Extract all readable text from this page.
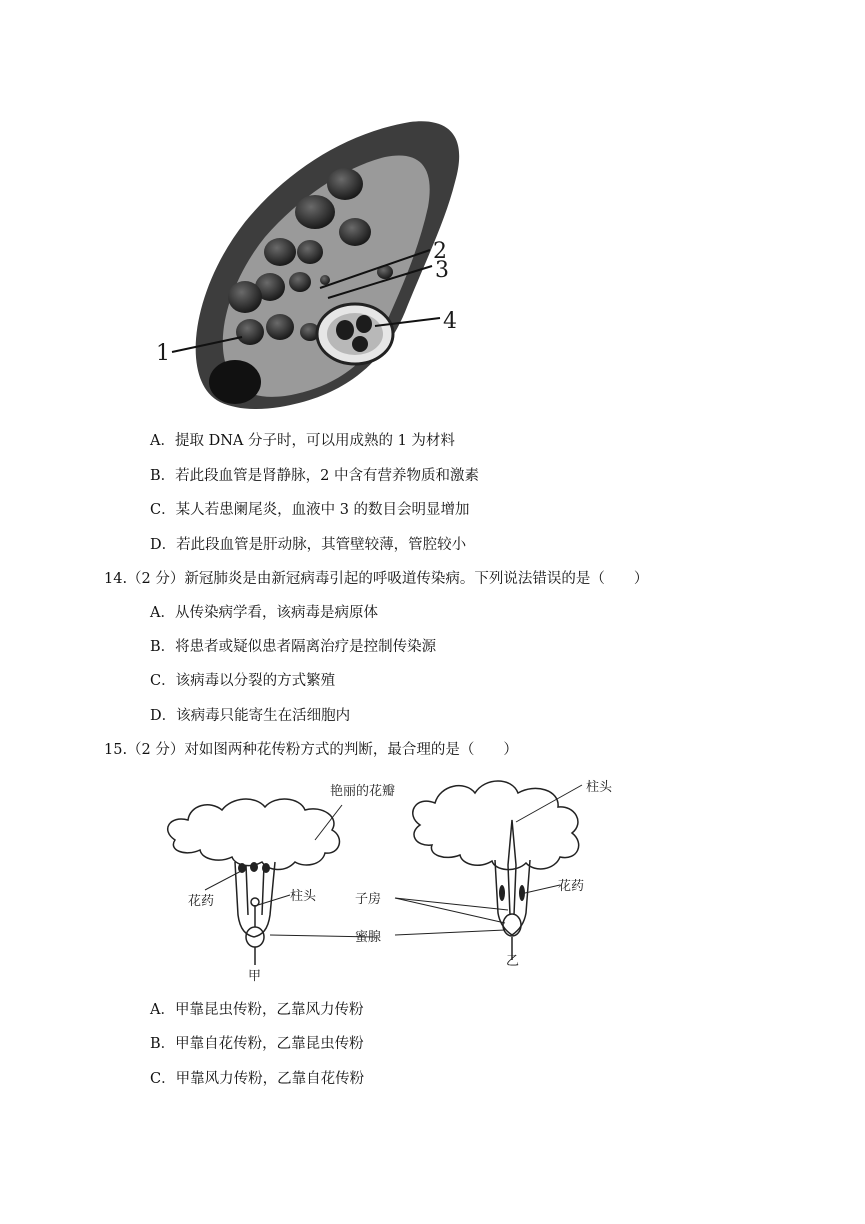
2
3
4
1
A．提取 DNA 分子时，可以用成熟的 1 为材料
B．若此段血管是肾静脉，2 中含有营养物质和激素
C．某人若患阑尾炎，血液中 3 的数目会明显增加
D．若此段血管是肝动脉，其管壁较薄，管腔较小
14.（2 分）新冠肺炎是由新冠病毒引起的呼吸道传染病。下列说法错误的是（　　）
A．从传染病学看，该病毒是病原体
B．将患者或疑似患者隔离治疗是控制传染源
C．该病毒以分裂的方式繁殖
D．该病毒只能寄生在活细胞内
15.（2 分）对如图两种花传粉方式的判断，最合理的是（　　）
艳丽的花瓣	柱头
花药	柱头	子房
花药
蜜腺
甲
乙
A．甲靠昆虫传粉，乙靠风力传粉
B．甲靠自花传粉，乙靠昆虫传粉
C．甲靠风力传粉，乙靠自花传粉
